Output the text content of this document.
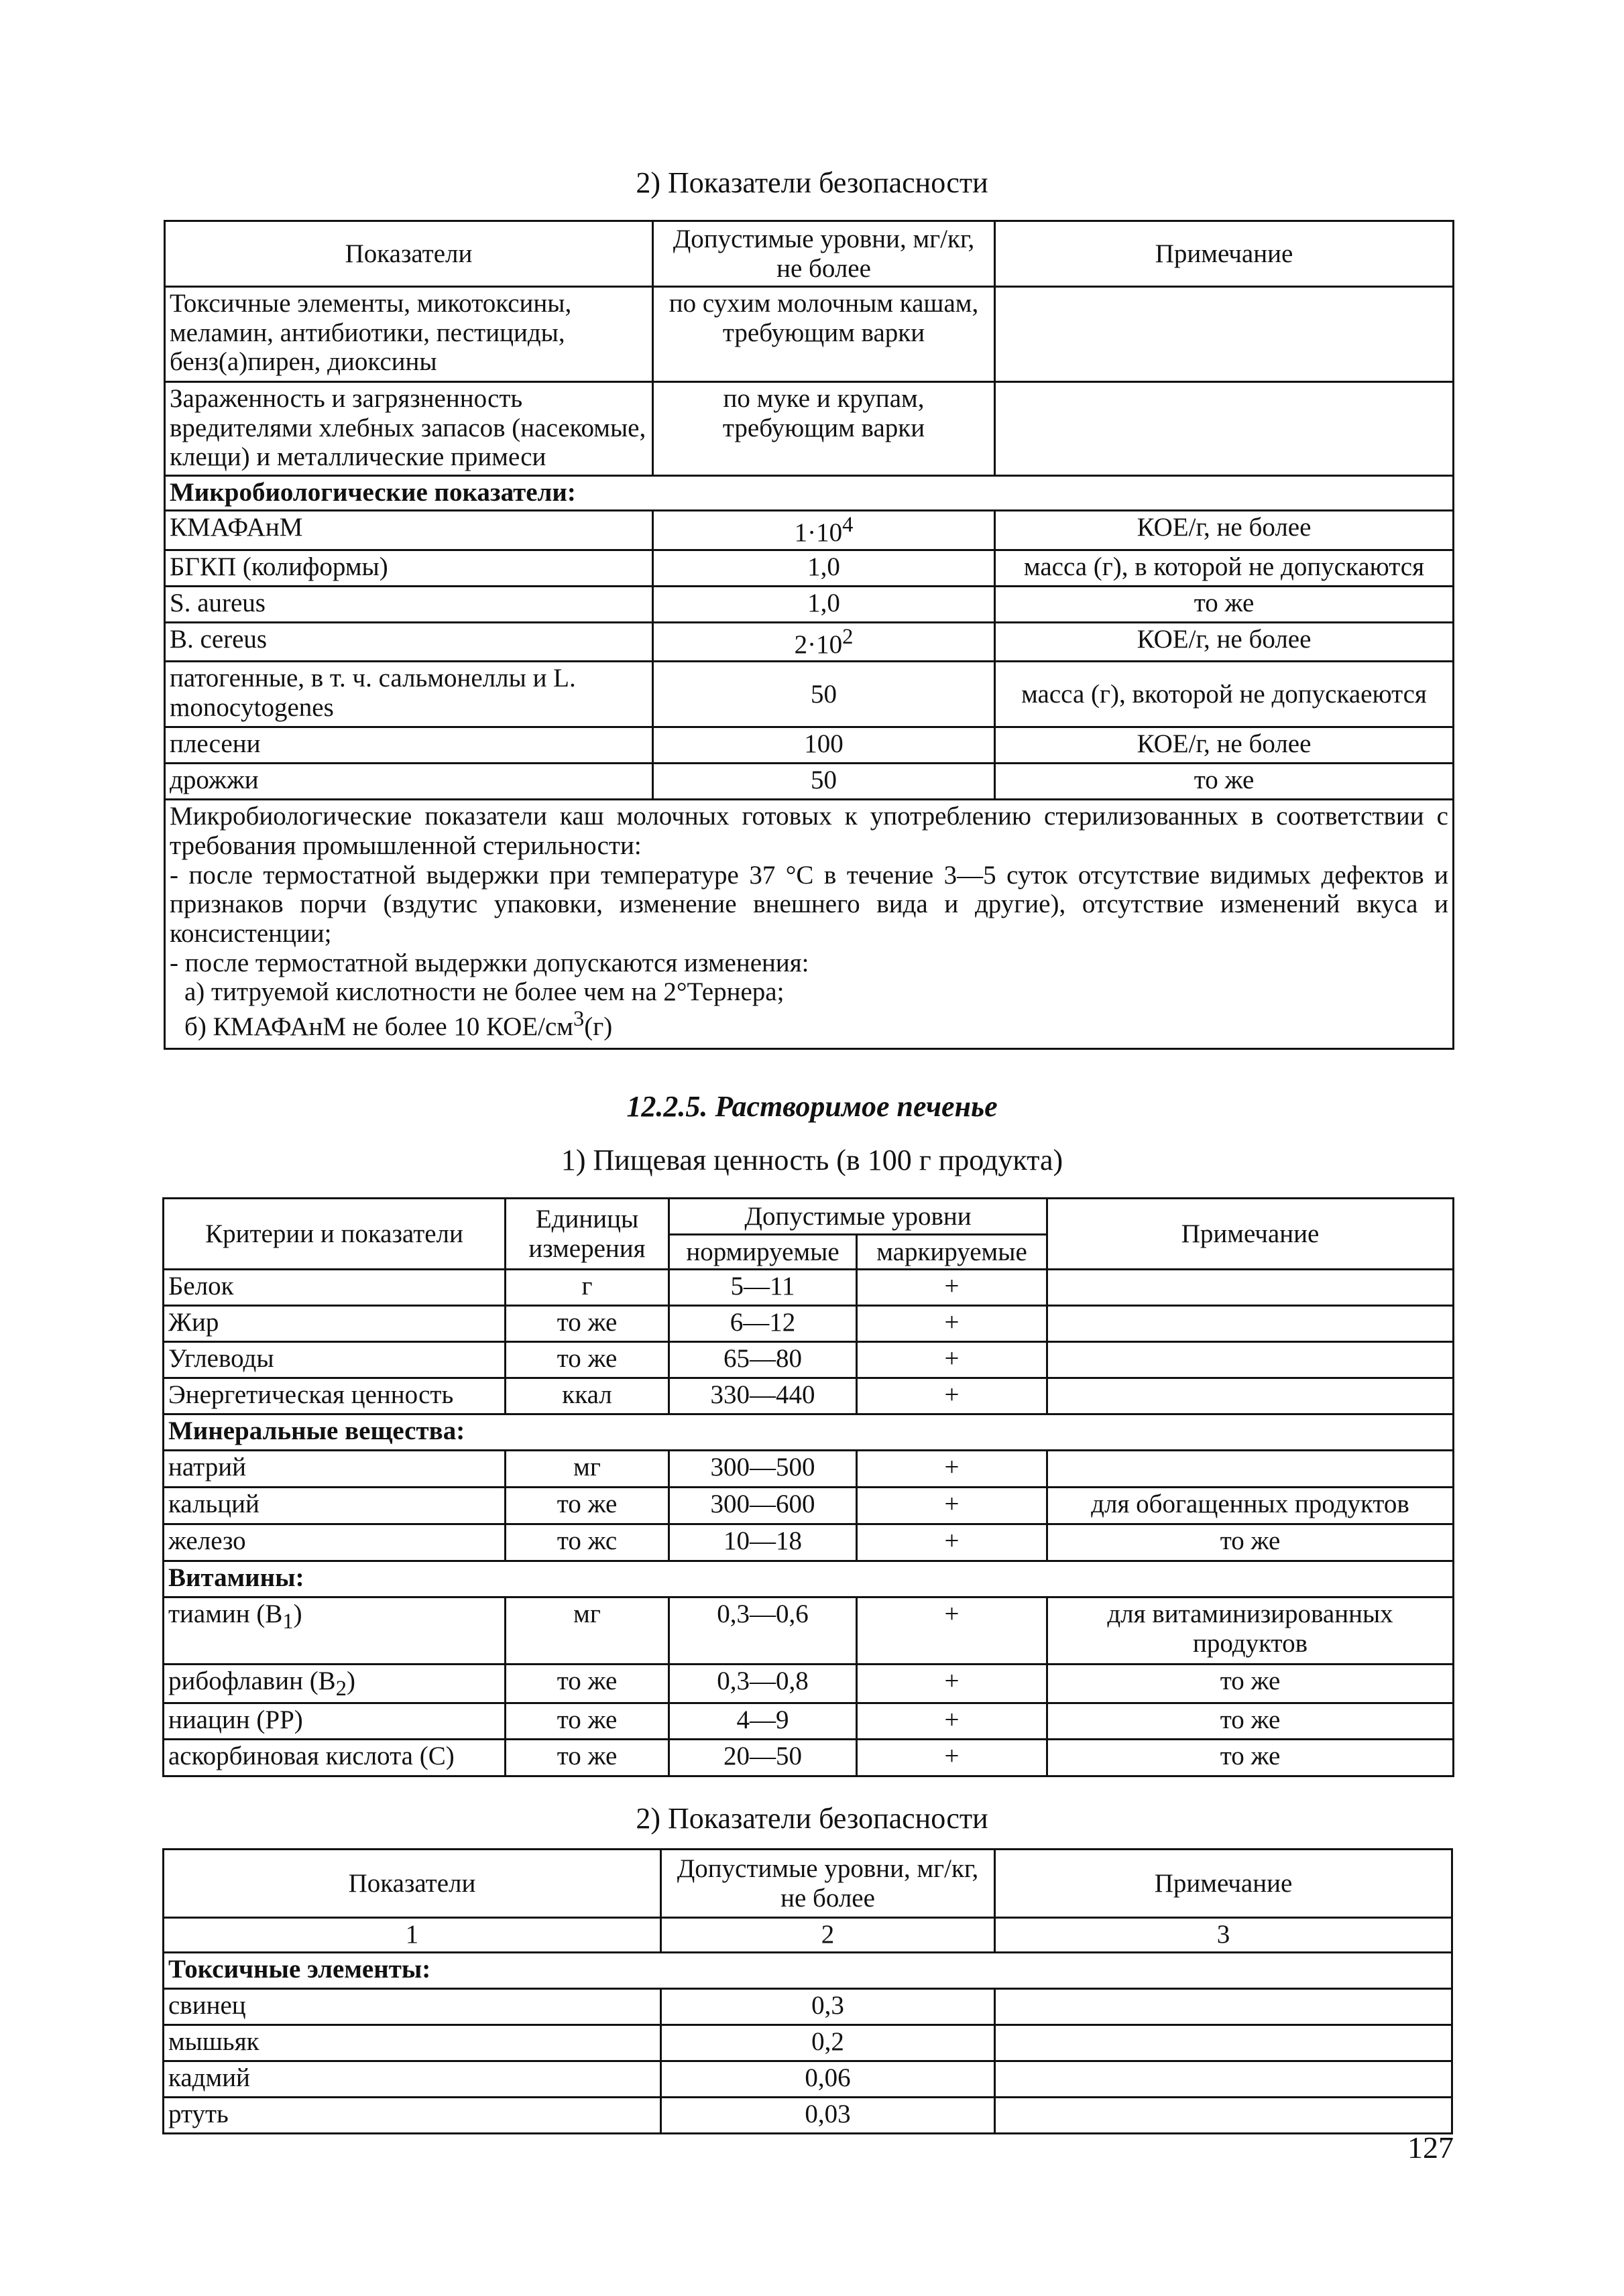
2) Показатели безопасности
Показатели	Допустимые уровни, мг/кг, не более	Примечание
Токсичные элементы, микотоксины, меламин, антибиотики, пестициды, бенз(а)пирен, диоксины	по сухим молочным кашам, требующим варки	
Зараженность и загрязненность вредителями хлебных запасов (насекомые, клещи) и металлические примеси	по муке и крупам, требующим варки	
Микробиологические показатели:		
КМАФАнМ	$1\cdot 10^4$	КОЕ/г, не более
БГКП (колиформы)	1,0	масса (г), в которой не допускаются
S. aureus	1,0	то же
B. cereus	$2\cdot 10^2$	КОЕ/г, не более
патогенные, в т. ч. сальмонеллы и L. monocytogenes	50	масса (г), вкоторой не допускаеются
плесени	100	КОЕ/г, не более
дрожжи	50	то же

Микробиологические показатели каш молочных готовых к употреблению стерилизованных в соответствии с требования промышленной стерильности:
- после термостатной выдержки при температуре 37 °С в течение 3—5 суток отсутствие видимых дефектов и признаков порчи (вздутис упаковки, изменение внешнего вида и другие), отсутствие изменений вкуса и консистенции;
- после термостатной выдержки допускаются изменения:
а) титруемой кислотности не более чем на 2°Тернера;
б) КМАФАнМ не более 10 КОЕ/$см^3(г)$		
12.2.5. Растворимое печенье
1) Пищевая ценность (в 100 г продукта)
Критерии и показатели	Единицы измерения	Допустимые уровни		Примечание
		нормируемые	маркируемые	
Белок	г	5—11	+	
Жир	то же	6—12	+	
Углеводы	то же	65—80	+	
Энергетическая ценность	ккал	330—440	+	
Минеральные вещества:				
натрий	мг	300—500	+	
кальций	то же	300—600	+	для обогащенных продуктов
железо	то жс	10—18	+	то же
Витамины:				
тиамин $(B_1)$	мг	0,3—0,6	+	для витаминизированных продуктов
рибофлавин $(B_2)$	то же	0,3—0,8	+	то же
ниацин (PP)	то же	4—9	+	то же
аскорбиновая кислота (C)	то же	20—50	+	то же
2) Показатели безопасности
Показатели	Допустимые уровни, мг/кг, не более	Примечание
1	2	3
Токсичные элементы:		
свинец	0,3	
мышьяк	0,2	
кадмий	0,06	
ртуть	0,03	
127
